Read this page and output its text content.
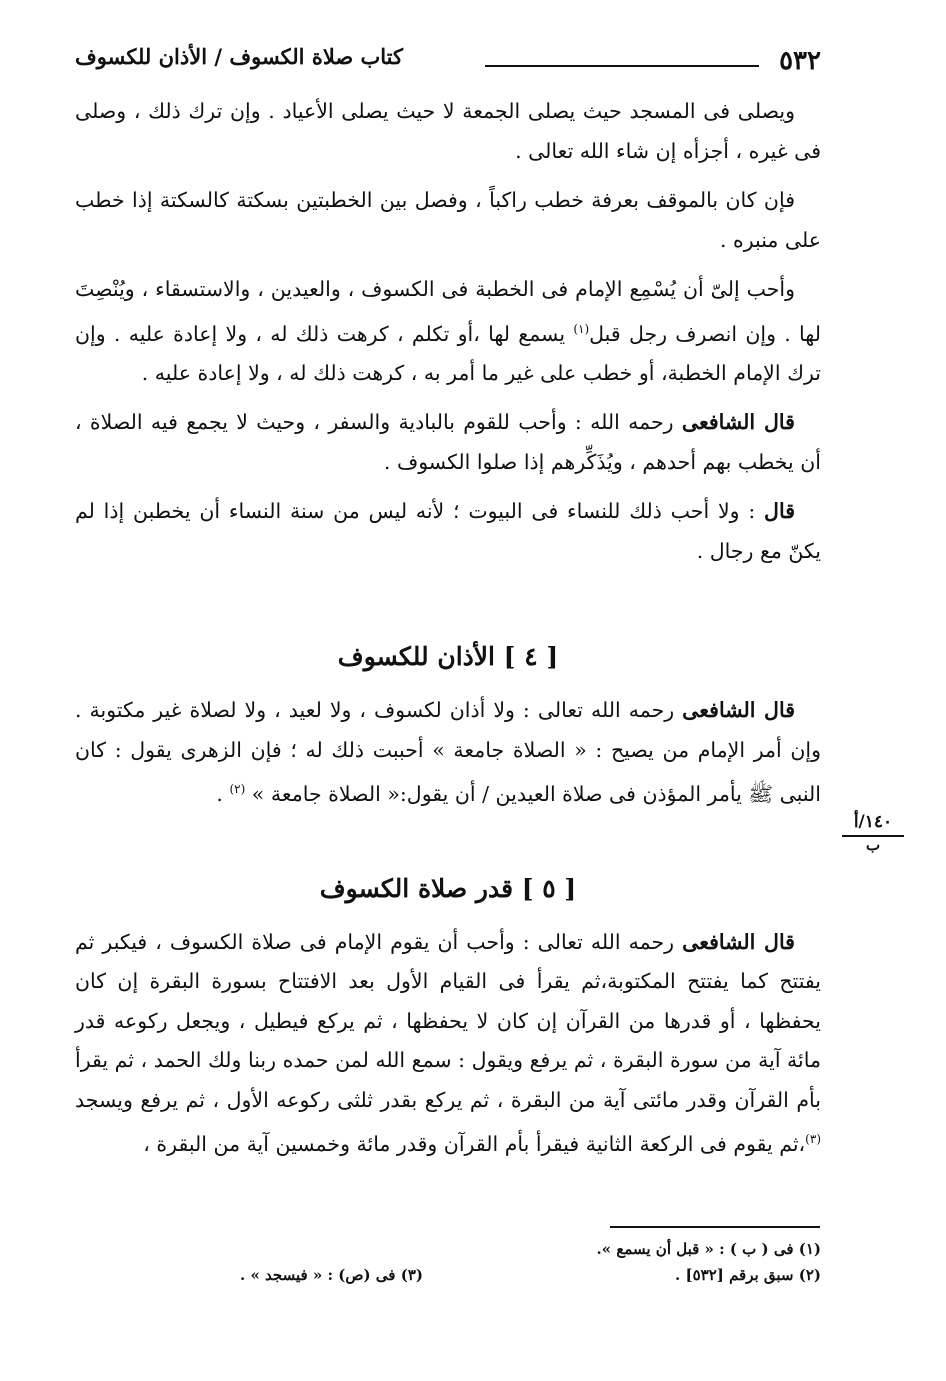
٥٣٢
كتاب صلاة الكسوف / الأذان للكسوف

ويصلى فى المسجد حيث يصلى الجمعة لا حيث يصلى الأعياد . وإن ترك ذلك ، وصلى فى غيره ، أجزأه إن شاء الله تعالى .

فإن كان بالموقف بعرفة خطب راكباً ، وفصل بين الخطبتين بسكتة كالسكتة إذا خطب على منبره .

وأحب إلىّ أن يُسْمِع الإمام فى الخطبة فى الكسوف ، والعيدين ، والاستسقاء ، ويُنْصِتَ لها . وإن انصرف رجل قبل$^{(١)}$ يسمع لها ،أو تكلم ، كرهت ذلك له ، ولا إعادة عليه . وإن ترك الإمام الخطبة، أو خطب على غير ما أمر به ، كرهت ذلك له ، ولا إعادة عليه .

قال الشافعى رحمه الله : وأحب للقوم بالبادية والسفر ، وحيث لا يجمع فيه الصلاة ، أن يخطب بهم أحدهم ، ويُذَكِّرهم إذا صلوا الكسوف .

قال : ولا أحب ذلك للنساء فى البيوت ؛ لأنه ليس من سنة النساء أن يخطبن إذا لم يكنّ مع رجال .

[ ٤ ] الأذان للكسوف

قال الشافعى رحمه الله تعالى : ولا أذان لكسوف ، ولا لعيد ، ولا لصلاة غير مكتوبة . وإن أمر الإمام من يصيح : « الصلاة جامعة » أحببت ذلك له ؛ فإن الزهرى يقول : كان النبى ﷺ يأمر المؤذن فى صلاة العيدين / أن يقول:« الصلاة جامعة » $^{(٢)}$ .

[ ٥ ] قدر صلاة الكسوف

قال الشافعى رحمه الله تعالى : وأحب أن يقوم الإمام فى صلاة الكسوف ، فيكبر ثم يفتتح كما يفتتح المكتوبة،ثم يقرأ فى القيام الأول بعد الافتتاح بسورة البقرة إن كان يحفظها ، أو قدرها من القرآن إن كان لا يحفظها ، ثم يركع فيطيل ، ويجعل ركوعه قدر مائة آية من سورة البقرة ، ثم يرفع ويقول : سمع الله لمن حمده ربنا ولك الحمد ، ثم يقرأ بأم القرآن وقدر مائتى آية من البقرة ، ثم يركع بقدر ثلثى ركوعه الأول ، ثم يرفع ويسجد $^{(٣)}$،ثم يقوم فى الركعة الثانية فيقرأ بأم القرآن وقدر مائة وخمسين آية من البقرة ،

١٤٠/أ
ب
(١) فى ( ب ) : « قبل أن يسمع ».
(٢) سبق برقم [٥٣٢] .
(٣) فى (ص) : « فيسجد » .
